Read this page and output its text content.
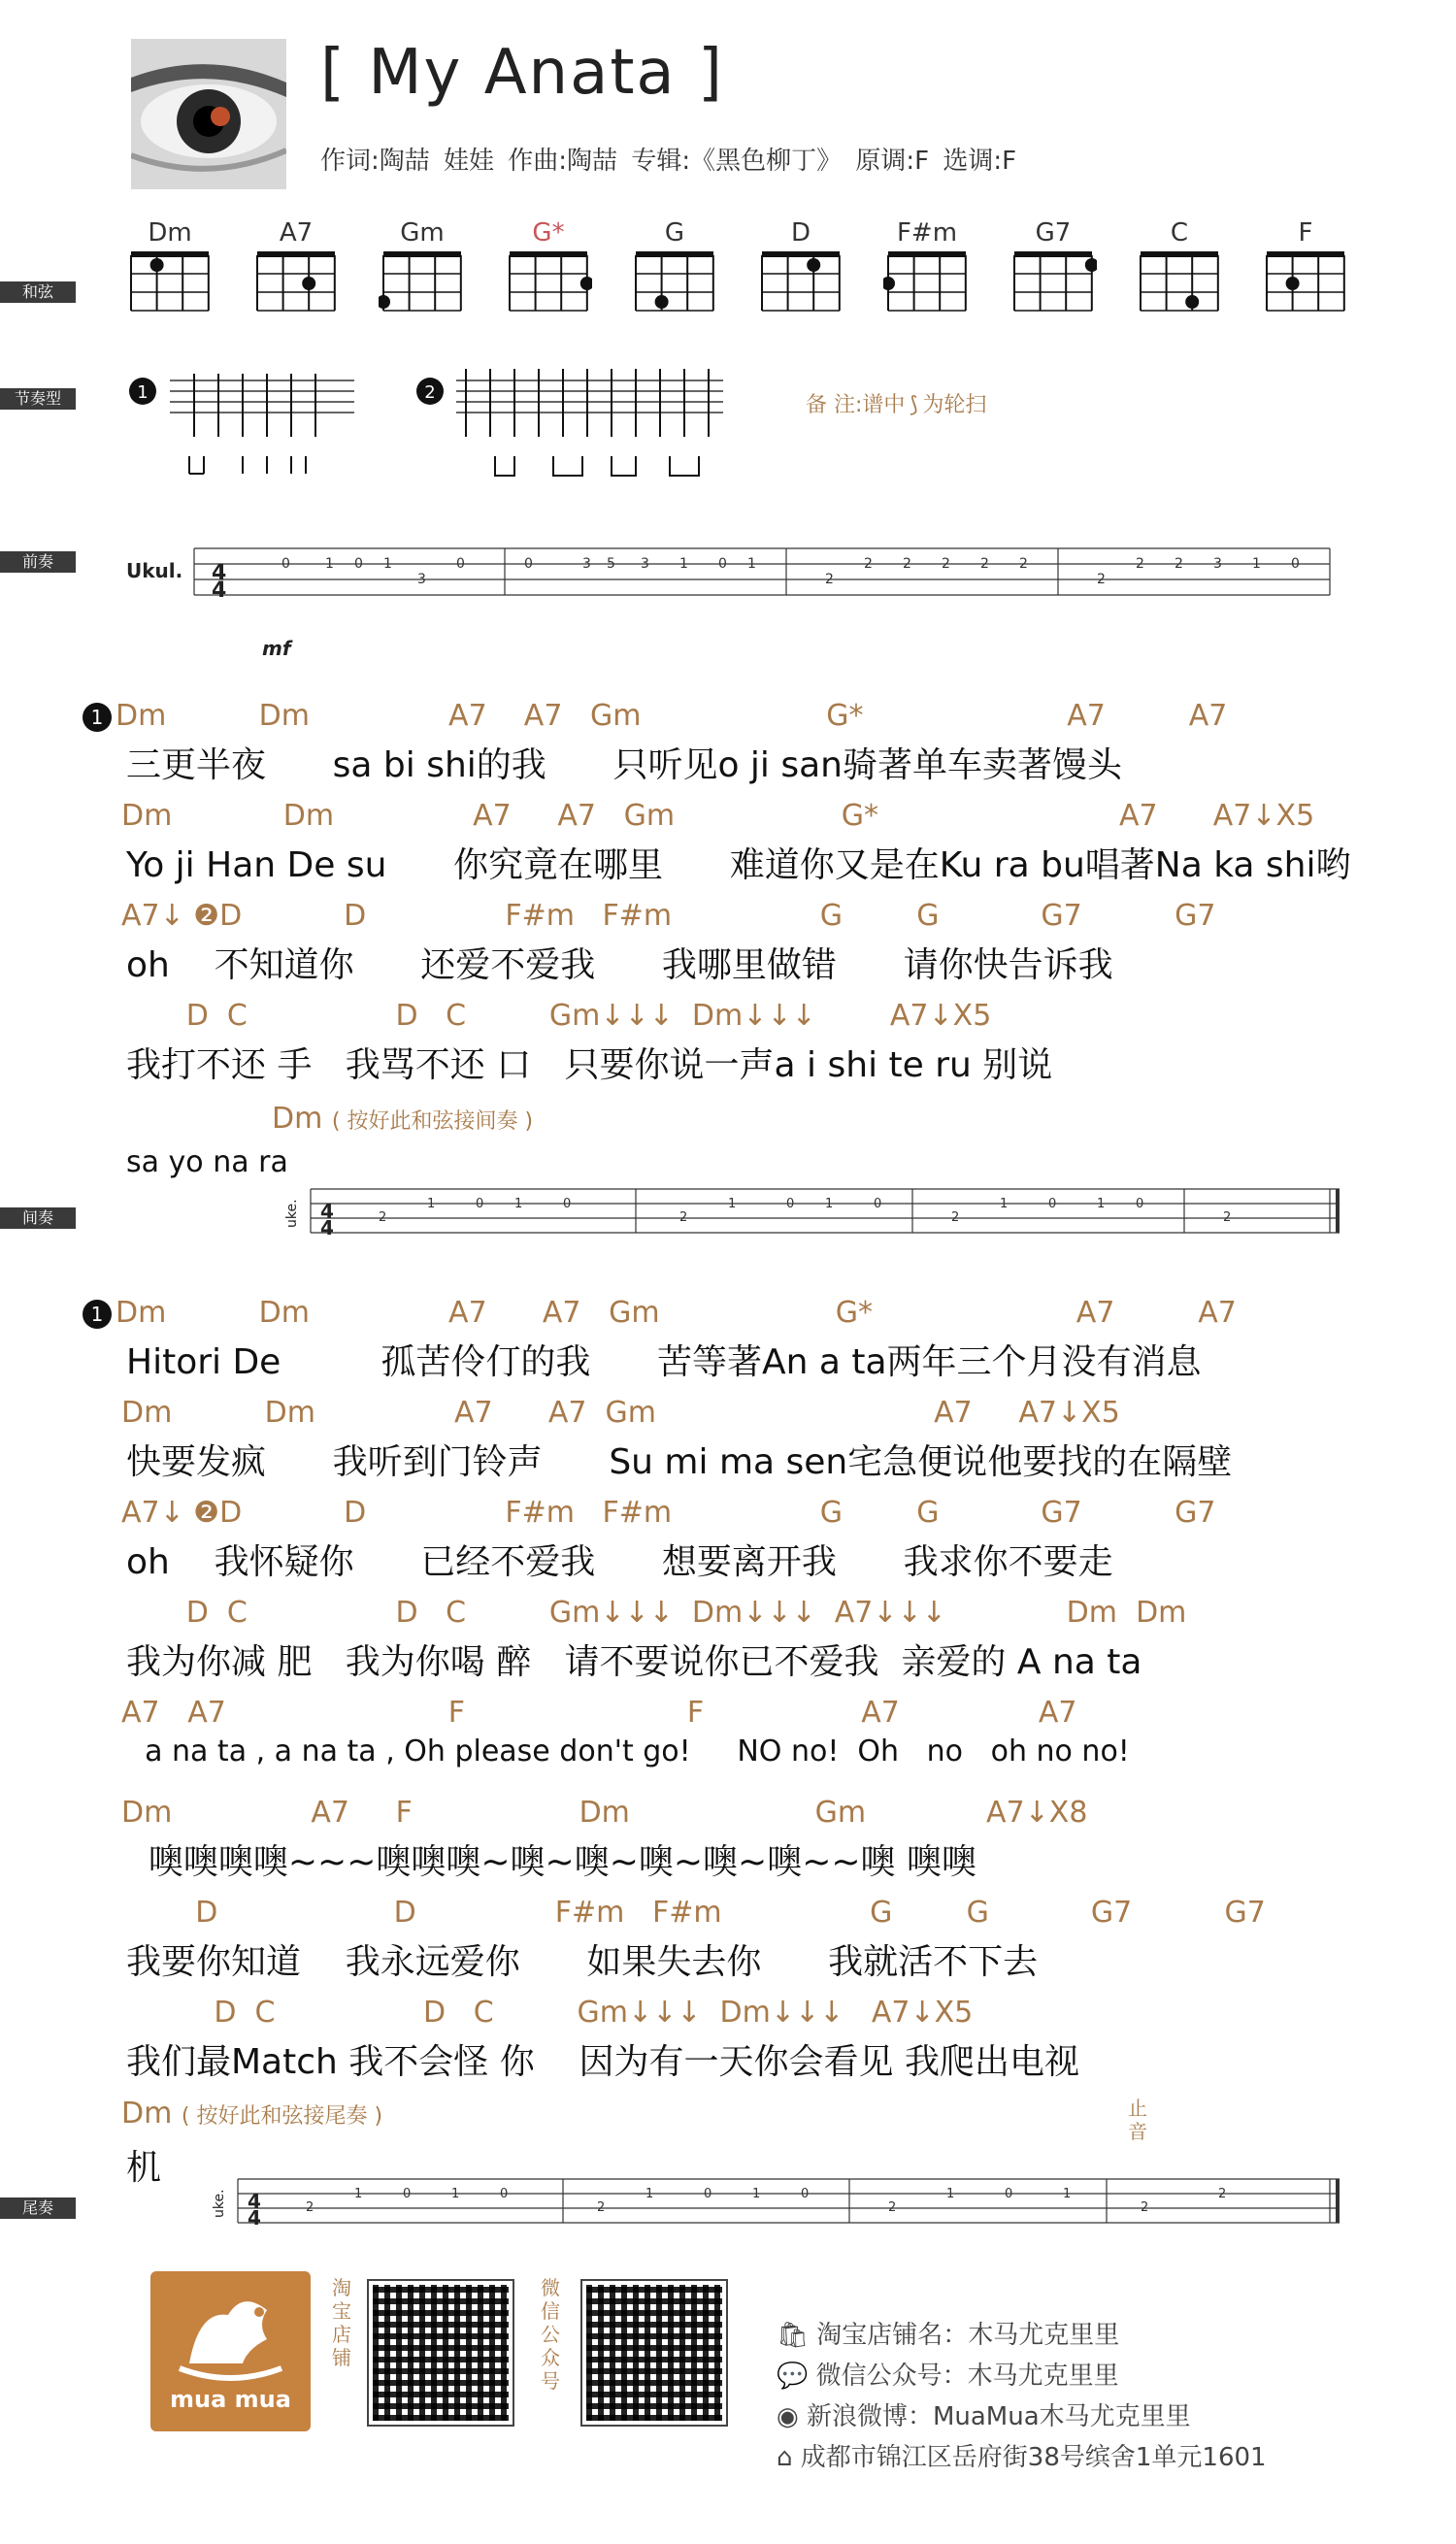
[ My Anata ]
作词:陶喆 娃娃 作曲:陶喆 专辑:《黑色柳丁》 原调:F 选调:F
和弦
节奏型
前奏
间奏
尾奏
Dm	A7	Gm	G*	G	D	F#m	G7	C	F
1	2
备 注:谱中 ⟆ 为轮扫
Ukul. 4
4
0	1 0 1
3
0	0	3 5 3 1 0 1
2
2 2 2 2 2
2
2 2 3 1 0
mf
1 Dm          Dm               A7    A7   Gm                    G*                      A7         A7
三更半夜      sa bi shi的我      只听见o ji san骑著单车卖著馒头
Dm            Dm               A7     A7   Gm                  G*                          A7      A7↓X5
Yo ji Han De su      你究竟在哪里      难道你又是在Ku ra bu唱著Na ka shi哟
A7↓ ❷D           D               F#m   F#m                G        G           G7          G7
oh    不知道你      还爱不爱我      我哪里做错      请你快告诉我
D  C                D   C         Gm↓↓↓  Dm↓↓↓        A7↓X5
我打不还 手   我骂不还 口   只要你说一声a i shi te ru 别说
Dm ( 按好此和弦接间奏 )
sa yo na ra
uke. 4
4	2
1	0 1	0
2
1	0 1	0
2
1	0	1 0
2
1 Dm          Dm               A7      A7   Gm                   G*                      A7         A7
Hitori De         孤苦伶仃的我      苦等著An a ta两年三个月没有消息
Dm          Dm               A7      A7  Gm                              A7     A7↓X5
快要发疯      我听到门铃声      Su mi ma sen宅急便说他要找的在隔壁
A7↓ ❷D           D               F#m   F#m                G        G           G7          G7
oh    我怀疑你      已经不爱我      想要离开我      我求你不要走
D  C                D   C         Gm↓↓↓  Dm↓↓↓  A7↓↓↓             Dm  Dm
我为你减 肥   我为你喝 醉   请不要说你已不爱我  亲爱的 A na ta
A7   A7                        F                        F                 A7               A7
a na ta , a na ta , Oh please don't go!     NO no!  Oh   no   oh no no!
Dm               A7     F                  Dm                    Gm             A7↓X8
噢噢噢噢~~~噢噢噢~噢~噢~噢~噢~噢~~噢 噢噢
D                   D               F#m   F#m                G        G           G7          G7
我要你知道    我永远爱你      如果失去你      我就活不下去
D  C                D   C         Gm↓↓↓  Dm↓↓↓   A7↓X5
我们最Match 我不会怪 你    因为有一天你会看见 我爬出电视
Dm ( 按好此和弦接尾奏 )
机
止音
uke. 4
4	2
1	0	1	0
2
1	0	1	0
2
1	0	1
2
2
mua mua
淘宝店铺
微信公众号
🛍 淘宝店铺名：木马尤克里里
💬 微信公众号：木马尤克里里
◉ 新浪微博：MuaMua木马尤克里里
⌂ 成都市锦江区岳府街38号缤舍1单元1601
